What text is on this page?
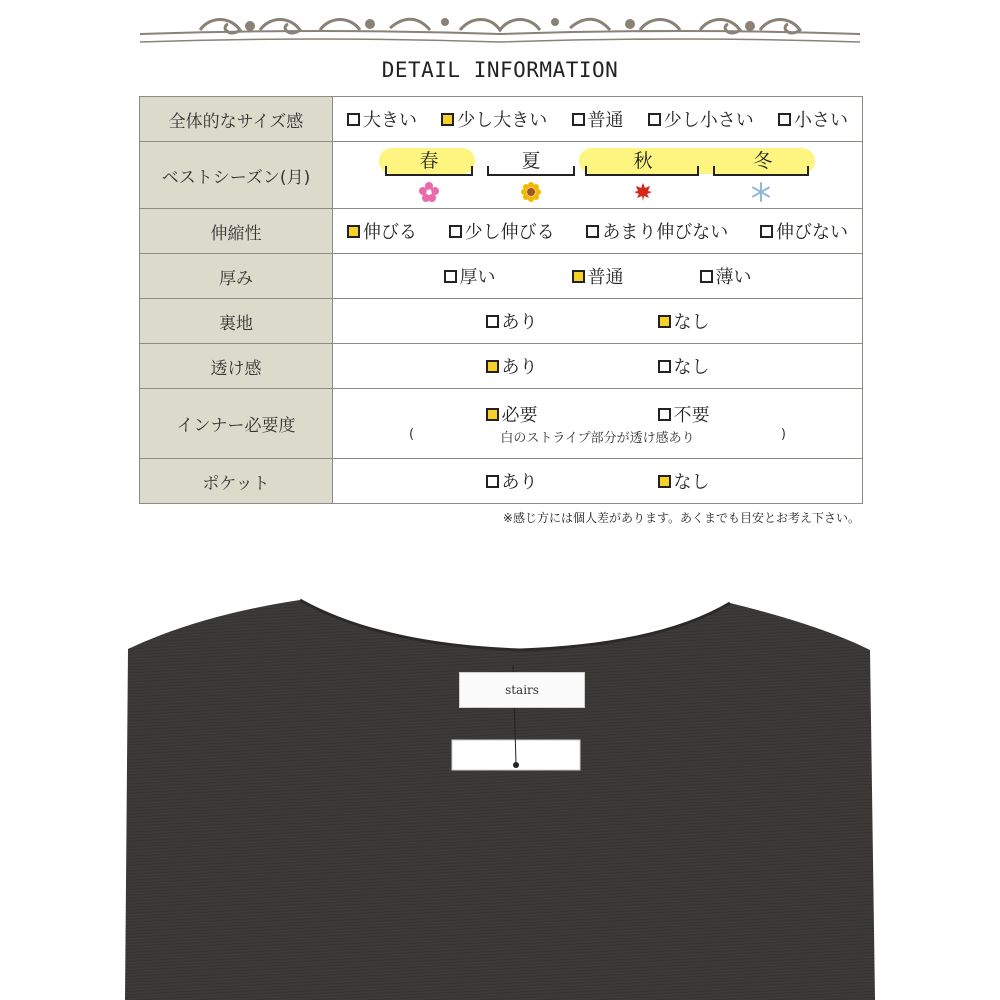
DETAIL INFORMATION
全体的なサイズ感	大きい 少し大きい 普通 少し小さい 小さい

ベストシーズン(月)	春 夏 秋 冬

伸縮性	伸びる 少し伸びる あまり伸びない 伸びない

厚み	厚い 普通 薄い

裏地	あり なし

透け感	あり なし

インナー必要度	必要 不要
( 白のストライプ部分が透け感あり )

ポケット	あり なし
※感じ方には個人差があります。あくまでも目安とお考え下さい。
stairs
